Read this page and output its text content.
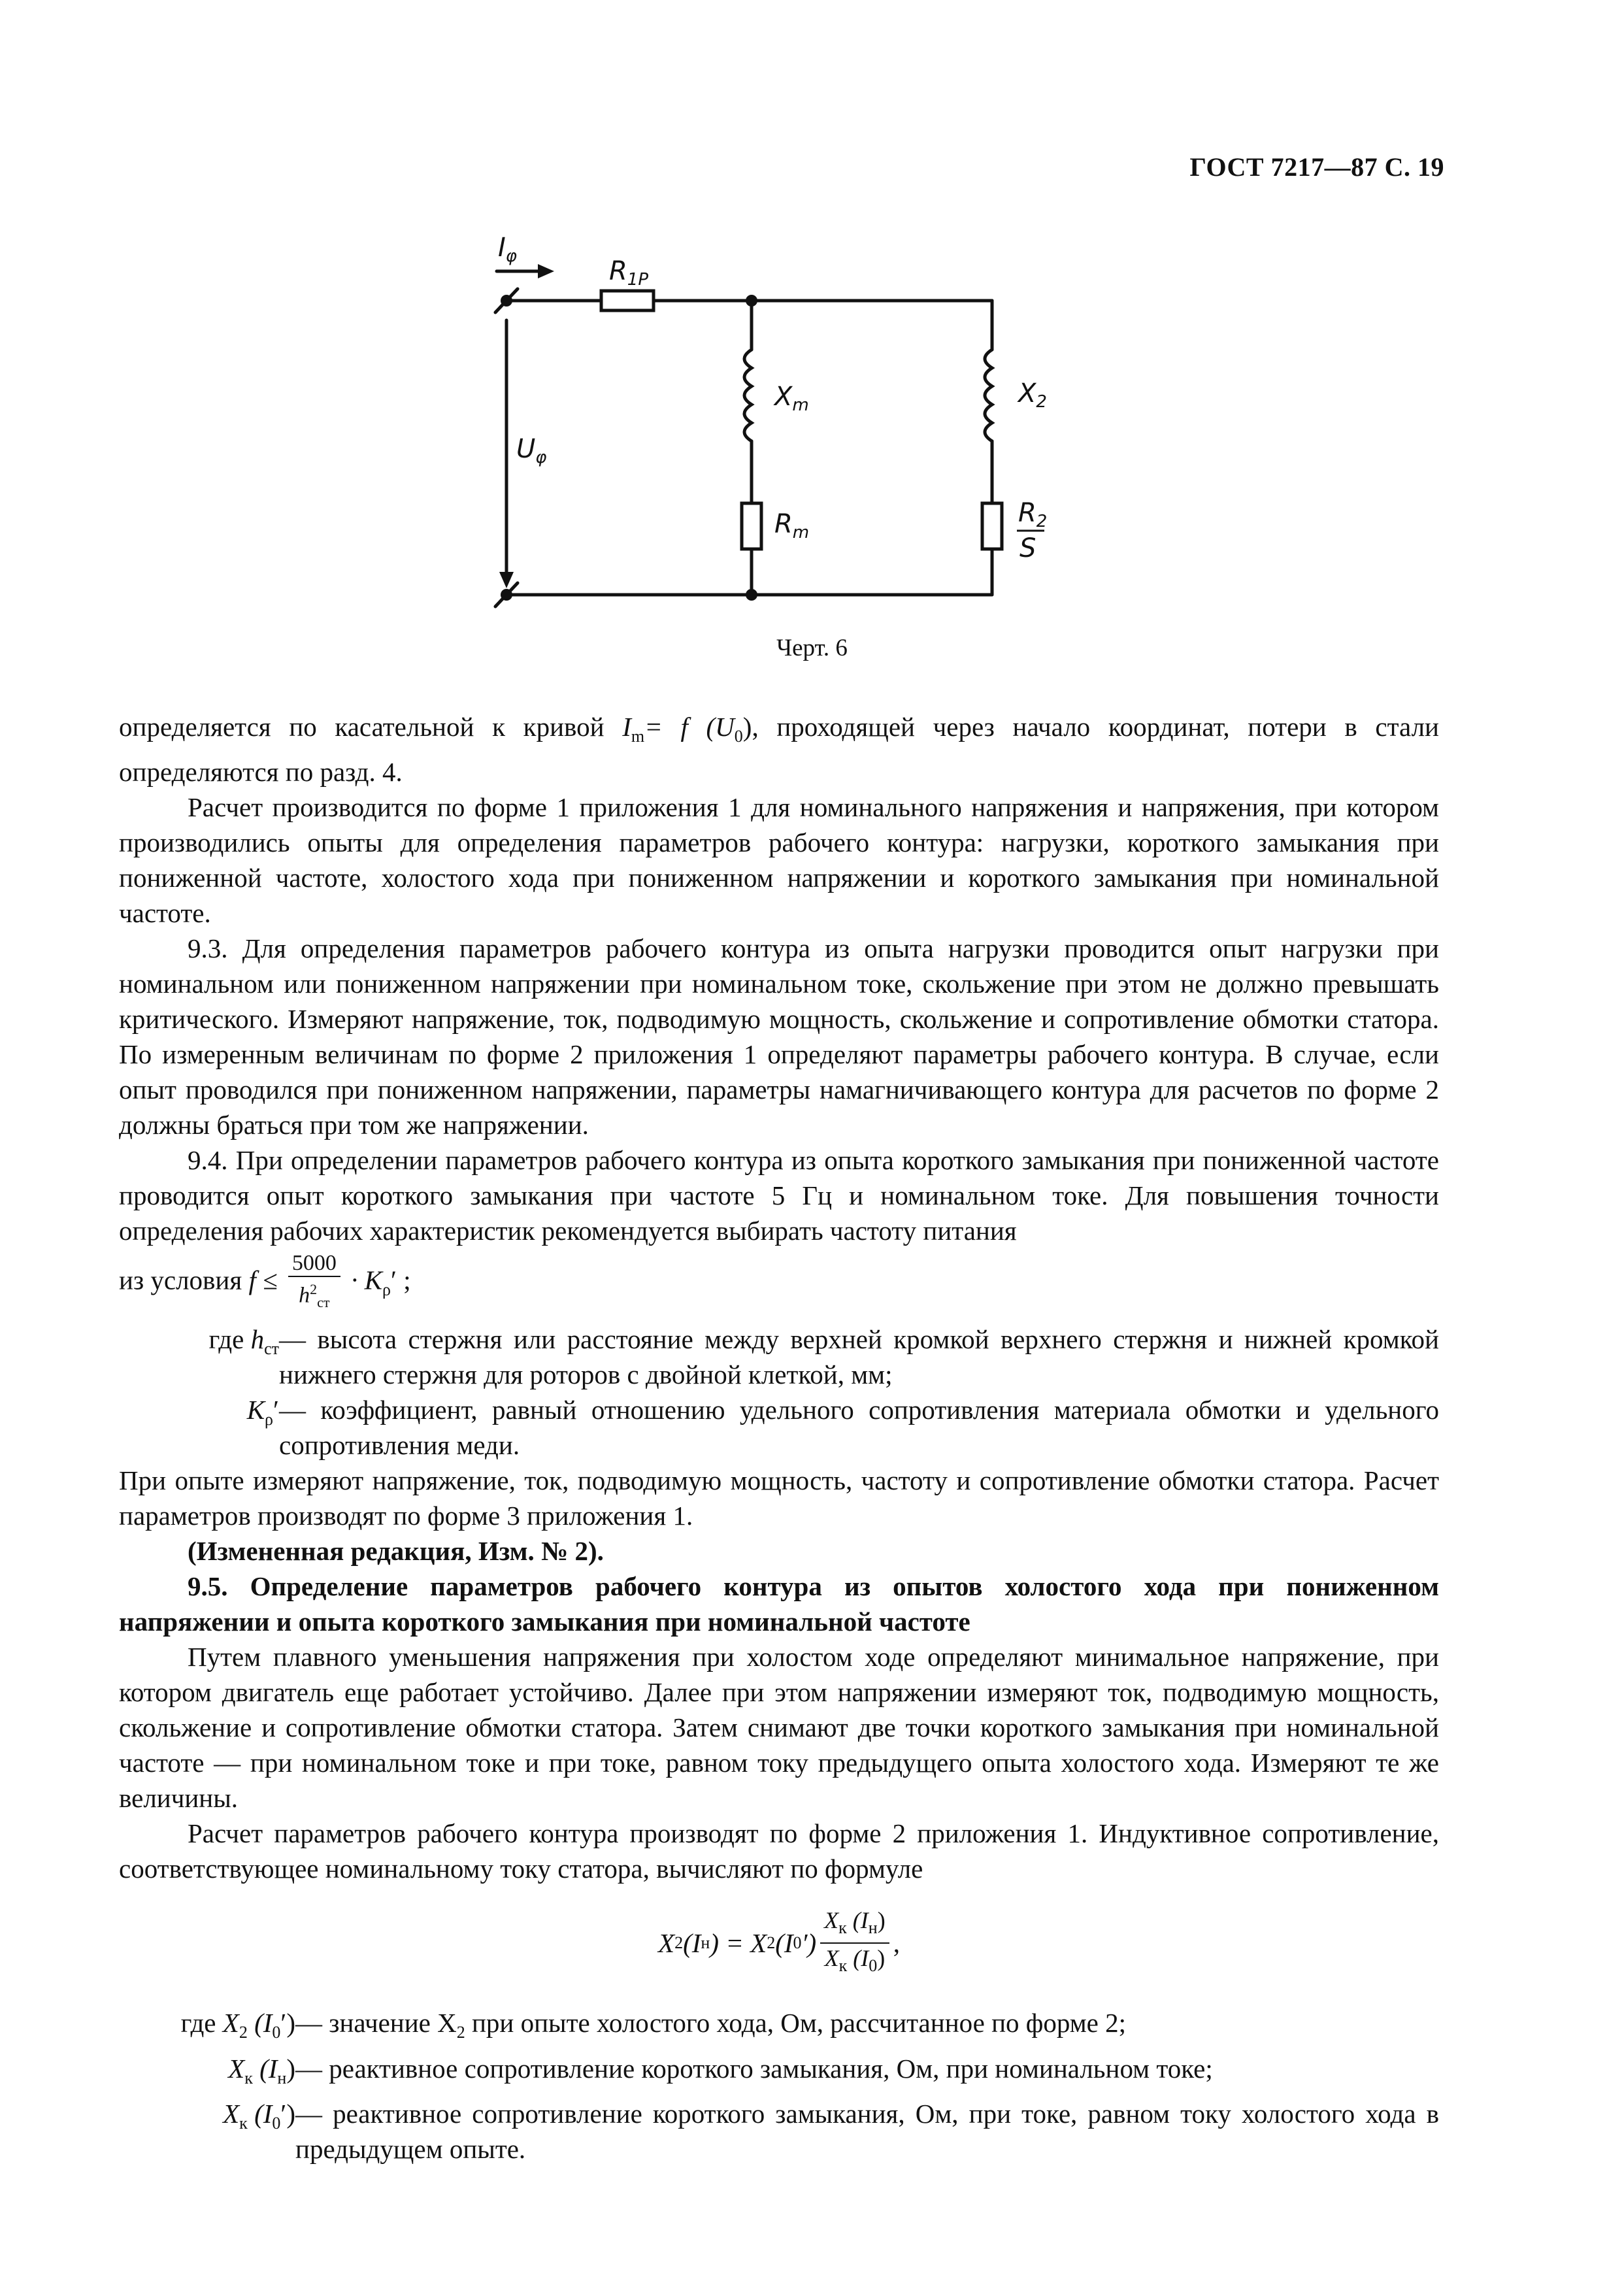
ГОСТ 7217—87 С. 19
$I_\varphi$	$R_{1P}$
$U_\varphi$
$X_m$
$R_m$
$X_2$
$R_2$
S
Черт. 6

определяется по касательной к кривой $I_m= f$ $(U_0)$, проходящей через начало координат, потери в стали определяются по разд. 4.

Расчет производится по форме 1 приложения 1 для номинального напряжения и напряжения, при котором производились опыты для определения параметров рабочего контура: нагрузки, короткого замыкания при пониженной частоте, холостого хода при пониженном напряжении и короткого замыкания при номинальной частоте.

9.3. Для определения параметров рабочего контура из опыта нагрузки проводится опыт нагрузки при номинальном или пониженном напряжении при номинальном токе, скольжение при этом не должно превышать критического. Измеряют напряжение, ток, подводимую мощность, скольжение и сопротивление обмотки статора. По измеренным величинам по форме 2 приложения 1 определяют параметры рабочего контура. В случае, если опыт проводился при пониженном напряжении, параметры намагничивающего контура для расчетов по форме 2 должны браться при том же напряжении.

9.4. При определении параметров рабочего контура из опыта короткого замыкания при пониженной частоте проводится опыт короткого замыкания при частоте 5 Гц и номинальном токе. Для повышения точности определения рабочих характеристик рекомендуется выбирать частоту питания

из условия $f \le \frac{5000}{h^2_{ст}} \cdot K_\rho'$ ;

где $h_{ст}$ — высота стержня или расстояние между верхней кромкой верхнего стержня и нижней кромкой нижнего стержня для роторов с двойной клеткой, мм;
$K_\rho'$ — коэффициент, равный отношению удельного сопротивления материала обмотки и удельного сопротивления меди.

При опыте измеряют напряжение, ток, подводимую мощность, частоту и сопротивление обмотки статора. Расчет параметров производят по форме 3 приложения 1.

(Измененная редакция, Изм. № 2).

9.5. Определение параметров рабочего контура из опытов холостого хода при пониженном напряжении и опыта короткого замыкания при номинальной частоте

Путем плавного уменьшения напряжения при холостом ходе определяют минимальное напряжение, при котором двигатель еще работает устойчиво. Далее при этом напряжении измеряют ток, подводимую мощность, скольжение и сопротивление обмотки статора. Затем снимают две точки короткого замыкания при номинальной частоте — при номинальном токе и при токе, равном току предыдущего опыта холостого хода. Измеряют те же величины.

Расчет параметров рабочего контура производят по форме 2 приложения 1. Индуктивное сопротивление, соответствующее номинальному току статора, вычисляют по формуле

X 2 (I н ) = X 2 (I 0 ′) $\frac{X_к (I_н)}{X_к (I_0)}$ ,
где $X_2$ $(I_0')$ — значение $X_2$ при опыте холостого хода, Ом, рассчитанное по форме 2;
$X_к$ $(I_н)$ — реактивное сопротивление короткого замыкания, Ом, при номинальном токе;
$X_к$ $(I_0')$ — реактивное сопротивление короткого замыкания, Ом, при токе, равном току холостого хода в предыдущем опыте.
